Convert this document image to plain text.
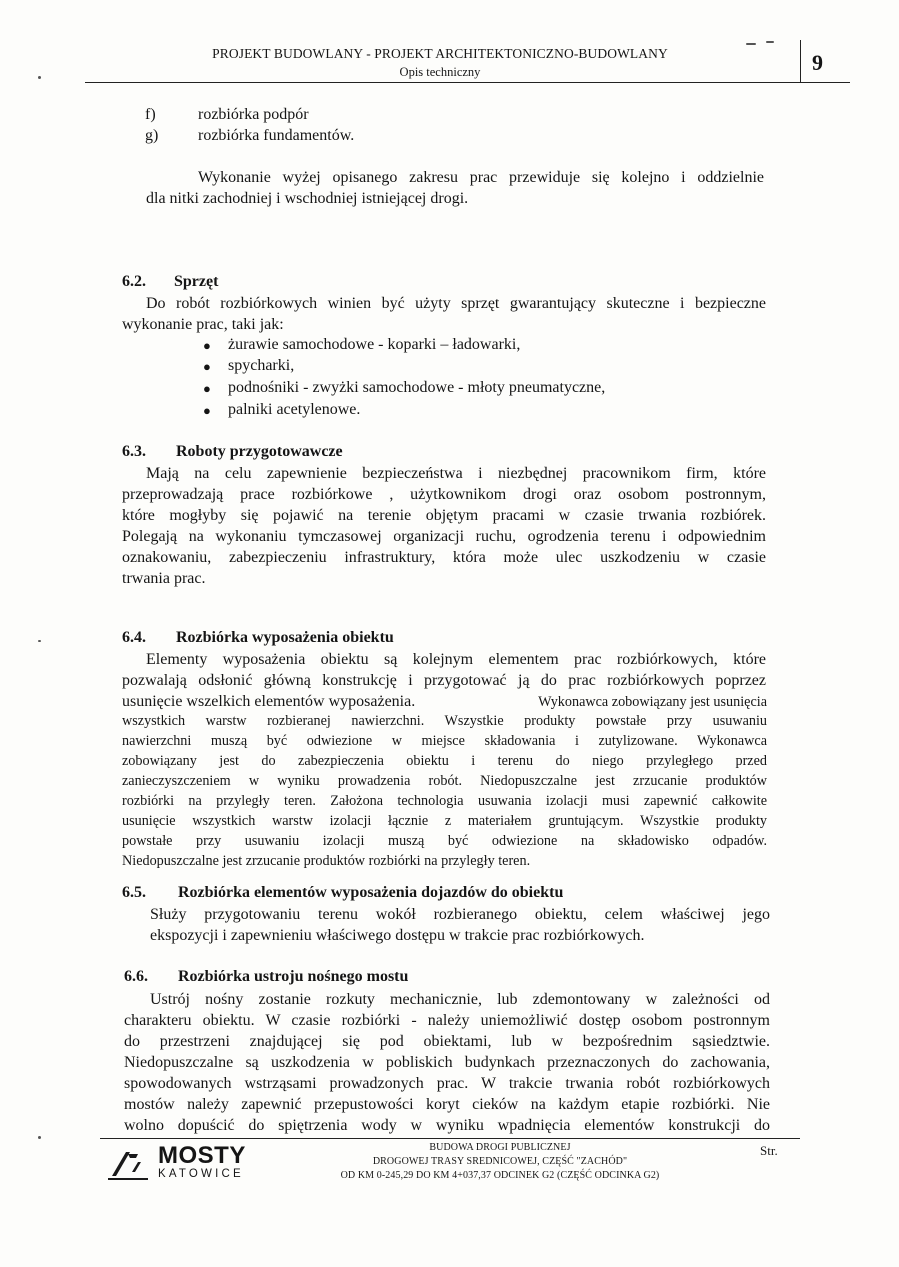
PROJEKT BUDOWLANY - PROJEKT ARCHITEKTONICZNO-BUDOWLANY
Opis techniczny	9
f)	rozbiórka podpór
g) rozbiórka fundamentów.
Wykonanie wyżej opisanego zakresu prac przewiduje się kolejno i oddzielnie
dla nitki zachodniej i wschodniej istniejącej drogi.
6.2. Sprzęt
Do robót rozbiórkowych winien być użyty sprzęt gwarantujący skuteczne i bezpieczne
wykonanie prac, taki jak:
● żurawie samochodowe - koparki – ładowarki,
● spycharki,
● podnośniki - zwyżki samochodowe - młoty pneumatyczne,
● palniki acetylenowe.
6.3. Roboty przygotowawcze
Mają na celu zapewnienie bezpieczeństwa i niezbędnej pracownikom firm, które
przeprowadzają prace rozbiórkowe , użytkownikom drogi oraz osobom postronnym,
które mogłyby się pojawić na terenie objętym pracami w czasie trwania rozbiórek.
Polegają na wykonaniu tymczasowej organizacji ruchu, ogrodzenia terenu i odpowiednim
oznakowaniu, zabezpieczeniu infrastruktury, która może ulec uszkodzeniu w czasie
trwania prac.
6.4. Rozbiórka wyposażenia obiektu
Elementy wyposażenia obiektu są kolejnym elementem prac rozbiórkowych, które
pozwalają odsłonić główną konstrukcję i przygotować ją do prac rozbiórkowych poprzez
usunięcie wszelkich elementów wyposażenia.	Wykonawca zobowiązany jest usunięcia
wszystkich warstw rozbieranej nawierzchni. Wszystkie produkty powstałe przy usuwaniu
nawierzchni muszą być odwiezione w miejsce składowania i zutylizowane. Wykonawca
zobowiązany jest do zabezpieczenia obiektu i terenu do niego przyległego przed
zanieczyszczeniem w wyniku prowadzenia robót. Niedopuszczalne jest zrzucanie produktów
rozbiórki na przyległy teren. Założona technologia usuwania izolacji musi zapewnić całkowite
usunięcie wszystkich warstw izolacji łącznie z materiałem gruntującym. Wszystkie produkty
powstałe przy usuwaniu izolacji muszą być odwiezione na składowisko odpadów.
Niedopuszczalne jest zrzucanie produktów rozbiórki na przyległy teren.
6.5. Rozbiórka elementów wyposażenia dojazdów do obiektu
Służy przygotowaniu terenu wokół rozbieranego obiektu, celem właściwej jego
ekspozycji i zapewnieniu właściwego dostępu w trakcie prac rozbiórkowych.
6.6. Rozbiórka ustroju nośnego mostu
Ustrój nośny zostanie rozkuty mechanicznie, lub zdemontowany w zależności od
charakteru obiektu. W czasie rozbiórki - należy uniemożliwić dostęp osobom postronnym
do przestrzeni znajdującej się pod obiektami, lub w bezpośrednim sąsiedztwie.
Niedopuszczalne są uszkodzenia w pobliskich budynkach przeznaczonych do zachowania,
spowodowanych wstrząsami prowadzonych prac. W trakcie trwania robót rozbiórkowych
mostów należy zapewnić przepustowości koryt cieków na każdym etapie rozbiórki. Nie
wolno dopuścić do spiętrzenia wody w wyniku wpadnięcia elementów konstrukcji do
MOSTY
KATOWICE
BUDOWA DROGI PUBLICZNEJ
DROGOWEJ TRASY SREDNICOWEJ, CZĘŚĆ "ZACHÓD"
OD KM 0-245,29 DO KM 4+037,37 ODCINEK G2 (CZĘŚĆ ODCINKA G2)
Str.
